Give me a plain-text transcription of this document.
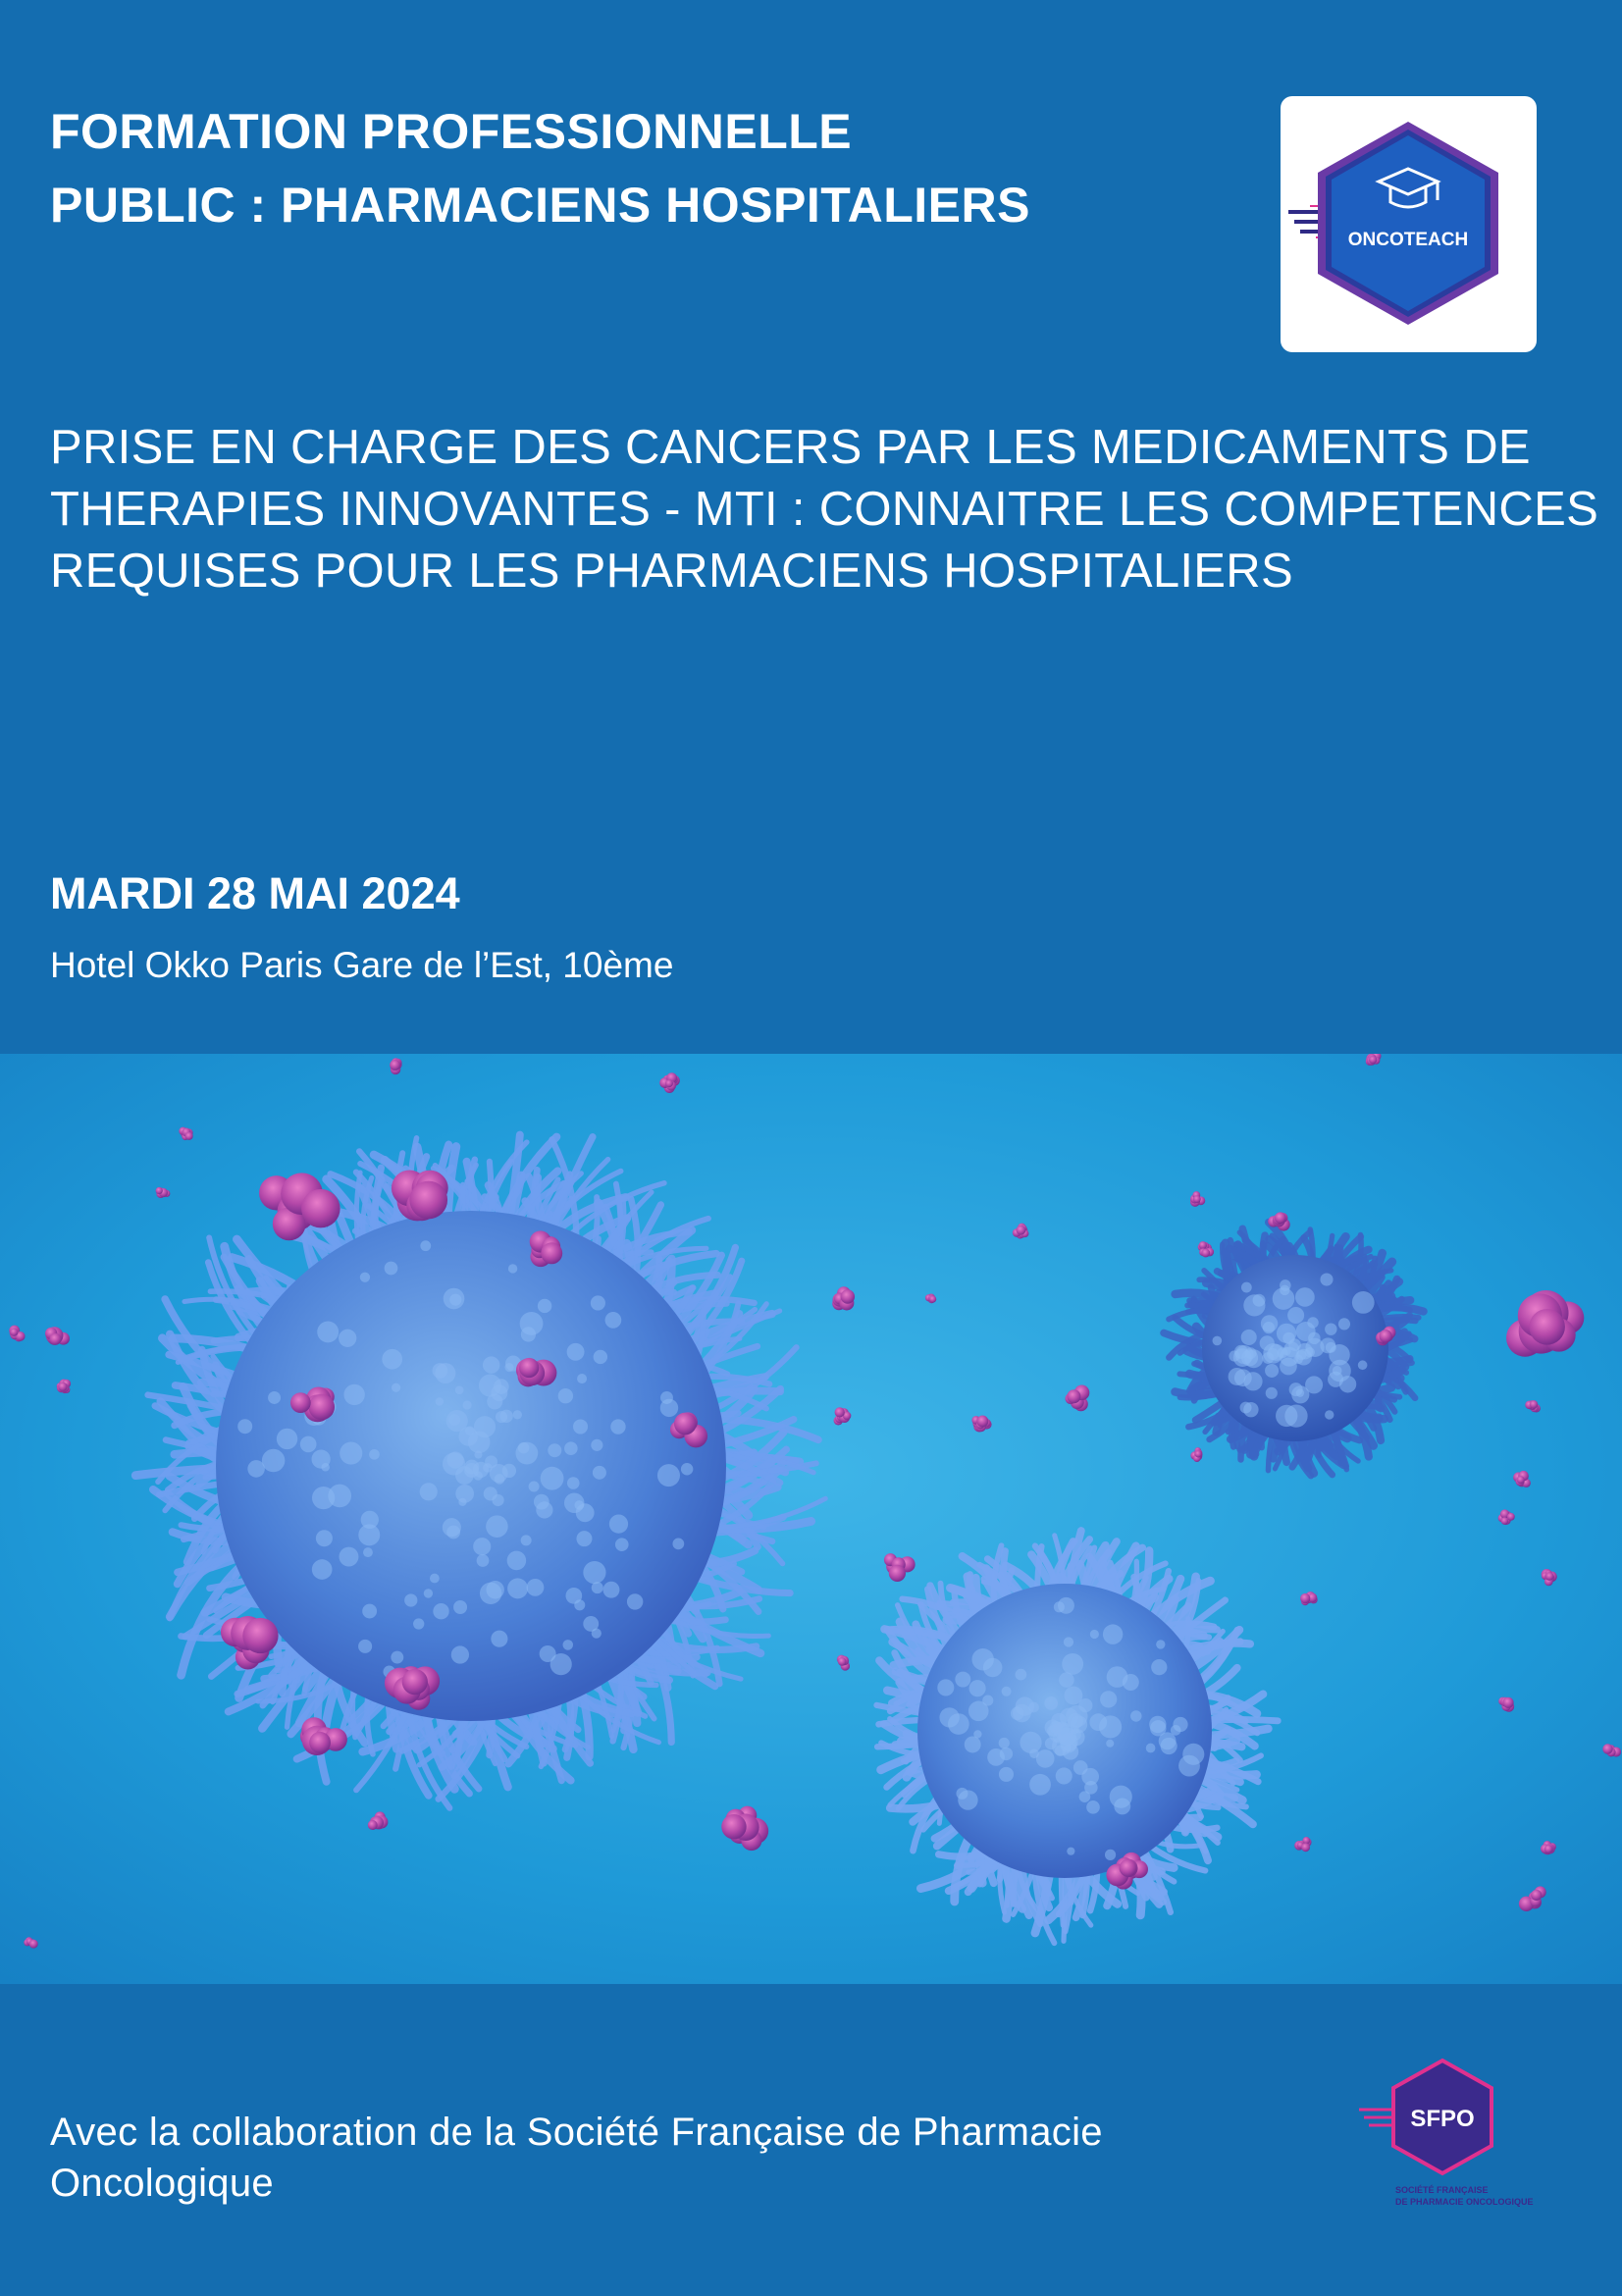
FORMATION PROFESSIONNELLE
PUBLIC : PHARMACIENS HOSPITALIERS
ONCOTEACH
PRISE EN CHARGE DES CANCERS PAR LES MEDICAMENTS DE
THERAPIES INNOVANTES - MTI : CONNAITRE LES COMPETENCES
REQUISES POUR LES PHARMACIENS HOSPITALIERS
MARDI 28 MAI 2024
Hotel Okko Paris Gare de l’Est, 10ème
Avec la collaboration de la Société Française de Pharmacie
Oncologique
SFPO
SOCIÉTÉ FRANÇAISE
DE PHARMACIE ONCOLOGIQUE
